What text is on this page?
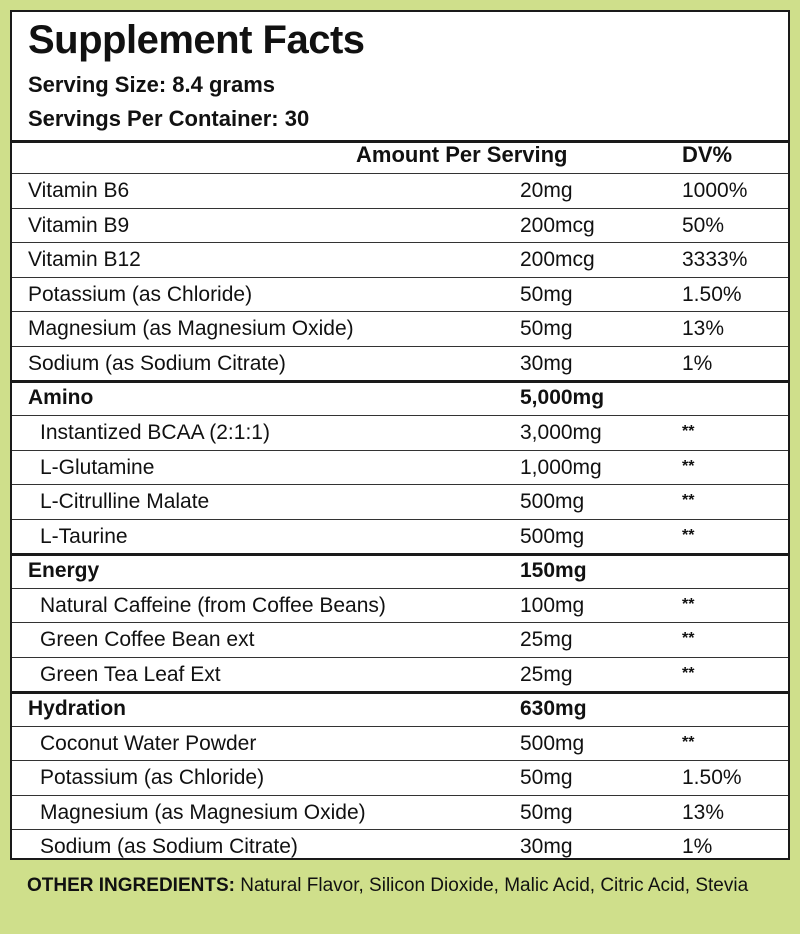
Supplement Facts
Serving Size: 8.4 grams
Servings Per Container: 30
Amount Per Serving	DV%
Vitamin B6	20mg	1000%
Vitamin B9	200mcg	50%
Vitamin B12	200mcg	3333%
Potassium (as Chloride)	50mg	1.50%
Magnesium (as Magnesium Oxide)	50mg	13%
Sodium (as Sodium Citrate)	30mg	1%
Amino	5,000mg
Instantized BCAA (2:1:1)	3,000mg	**
L-Glutamine	1,000mg	**
L-Citrulline Malate	500mg	**
L-Taurine	500mg	**
Energy	150mg
Natural Caffeine (from Coffee Beans)	100mg	**
Green Coffee Bean ext	25mg	**
Green Tea Leaf Ext	25mg	**
Hydration	630mg
Coconut Water Powder	500mg	**
Potassium (as Chloride)	50mg	1.50%
Magnesium (as Magnesium Oxide)	50mg	13%
Sodium (as Sodium Citrate)	30mg	1%
OTHER INGREDIENTS: Natural Flavor, Silicon Dioxide, Malic Acid, Citric Acid, Stevia
